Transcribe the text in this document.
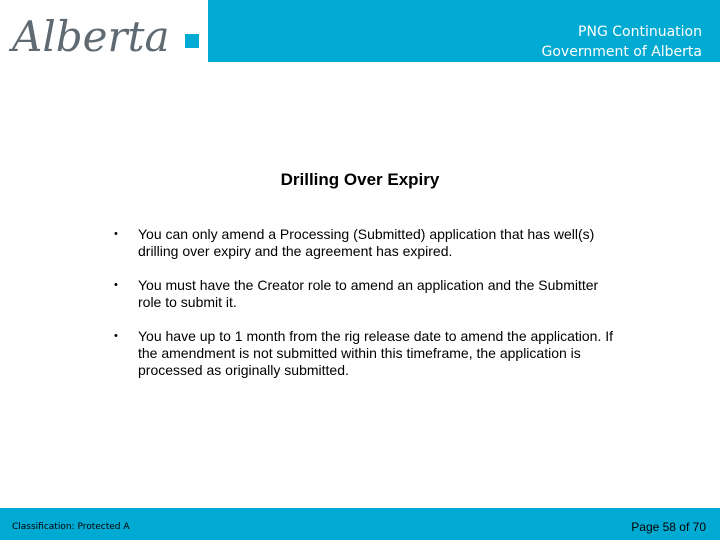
Alberta	PNG Continuation
Government of Alberta
Drilling Over Expiry
• You can only amend a Processing (Submitted) application that has well(s) drilling over expiry and the agreement has expired.
• You must have the Creator role to amend an application and the Submitter role to submit it.
• You have up to 1 month from the rig release date to amend the application. If the amendment is not submitted within this timeframe, the application is processed as originally submitted.
Classification: Protected A	Page 58 of 70
